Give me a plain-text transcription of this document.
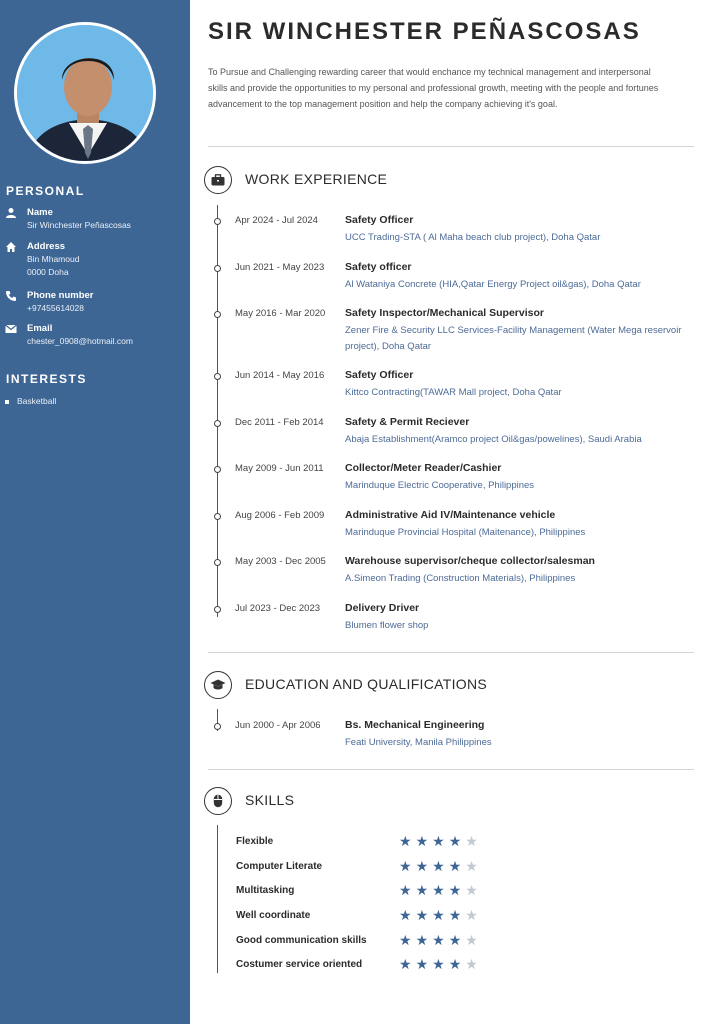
PERSONAL
Name
Sir Winchester Peñascosas
Address
Bin Mhamoud
0000 Doha
Phone number
+97455614028
Email
chester_0908@hotmail.com
INTERESTS
Basketball
SIR WINCHESTER PEÑASCOSAS
To Pursue and Challenging rewarding career that would enchance my technical management and interpersonal skills and provide the opportunities to my personal and professional growth, meeting with the people and fortunes advancement to the top management position and help the company achieving it's goal.
WORK EXPERIENCE
Apr 2024 - Jul 2024	Safety Officer
UCC Trading-STA ( Al Maha beach club project), Doha Qatar
Jun 2021 - May 2023 Safety officer
Al Wataniya Concrete (HIA,Qatar Energy Project oil&gas), Doha Qatar
May 2016 - Mar 2020 Safety Inspector/Mechanical Supervisor
Zener Fire & Security LLC Services-Facility Management (Water Mega reservoir project), Doha Qatar
Jun 2014 - May 2016 Safety Officer
Kittco Contracting(TAWAR Mall project, Doha Qatar
Dec 2011 - Feb 2014 Safety & Permit Reciever
Abaja Establishment(Aramco project Oil&gas/powelines), Saudi Arabia
May 2009 - Jun 2011 Collector/Meter Reader/Cashier
Marinduque Electric Cooperative, Philippines
Aug 2006 - Feb 2009 Administrative Aid IV/Maintenance vehicle
Marinduque Provincial Hospital (Maitenance), Philippines
May 2003 - Dec 2005 Warehouse supervisor/cheque collector/salesman
A.Simeon Trading (Construction Materials), Philippines
Jul 2023 - Dec 2023 Delivery Driver
Blumen flower shop
EDUCATION AND QUALIFICATIONS
Jun 2000 - Apr 2006 Bs. Mechanical Engineering
Feati University, Manila Philippines
SKILLS
Flexible	★ ★ ★ ★ ★
Computer Literate	★ ★ ★ ★ ★
Multitasking	★ ★ ★ ★ ★
Well coordinate	★ ★ ★ ★ ★
Good communication skills ★ ★ ★ ★ ★
Costumer service oriented	★ ★ ★ ★ ★
